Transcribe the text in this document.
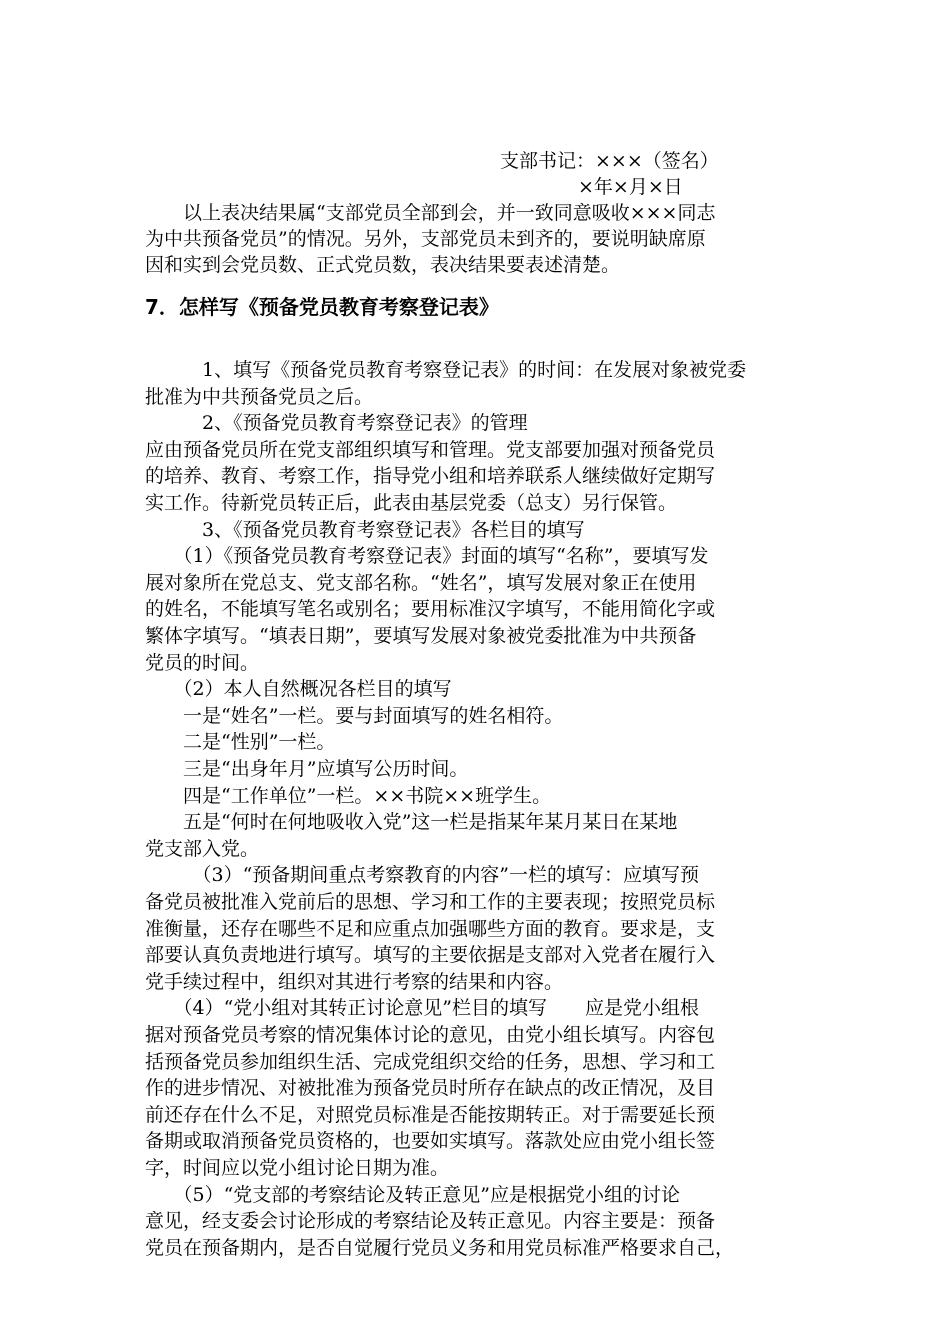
支部书记：×××（签名）
×年×月×日
　　以上表决结果属“支部党员全部到会，并一致同意吸收×××同志
为中共预备党员”的情况。另外，支部党员未到齐的，要说明缺席原
因和实到会党员数、正式党员数，表决结果要表述清楚。
7．怎样写《预备党员教育考察登记表》
　　　1、填写《预备党员教育考察登记表》的时间：在发展对象被党委
批准为中共预备党员之后。
　　　2、《预备党员教育考察登记表》的管理
应由预备党员所在党支部组织填写和管理。党支部要加强对预备党员
的培养、教育、考察工作，指导党小组和培养联系人继续做好定期写
实工作。待新党员转正后，此表由基层党委（总支）另行保管。
　　　3、《预备党员教育考察登记表》各栏目的填写
　　（1）《预备党员教育考察登记表》封面的填写“名称”，要填写发
展对象所在党总支、党支部名称。“姓名”，填写发展对象正在使用
的姓名，不能填写笔名或别名；要用标准汉字填写，不能用简化字或
繁体字填写。“填表日期”，要填写发展对象被党委批准为中共预备
党员的时间。
　　（2）本人自然概况各栏目的填写
　　一是“姓名”一栏。要与封面填写的姓名相符。
　　二是“性别”一栏。
　　三是“出身年月”应填写公历时间。
　　四是“工作单位”一栏。××书院××班学生。
　　五是“何时在何地吸收入党”这一栏是指某年某月某日在某地
党支部入党。
　　　（3）“预备期间重点考察教育的内容”一栏的填写：应填写预
备党员被批准入党前后的思想、学习和工作的主要表现；按照党员标
准衡量，还存在哪些不足和应重点加强哪些方面的教育。要求是，支
部要认真负责地进行填写。填写的主要依据是支部对入党者在履行入
党手续过程中，组织对其进行考察的结果和内容。
　　（4）“党小组对其转正讨论意见”栏目的填写　　应是党小组根
据对预备党员考察的情况集体讨论的意见，由党小组长填写。内容包
括预备党员参加组织生活、完成党组织交给的任务，思想、学习和工
作的进步情况、对被批准为预备党员时所存在缺点的改正情况，及目
前还存在什么不足，对照党员标准是否能按期转正。对于需要延长预
备期或取消预备党员资格的，也要如实填写。落款处应由党小组长签
字，时间应以党小组讨论日期为准。
　　（5）“党支部的考察结论及转正意见”应是根据党小组的讨论
意见，经支委会讨论形成的考察结论及转正意见。内容主要是：预备
党员在预备期内，是否自觉履行党员义务和用党员标准严格要求自己，
